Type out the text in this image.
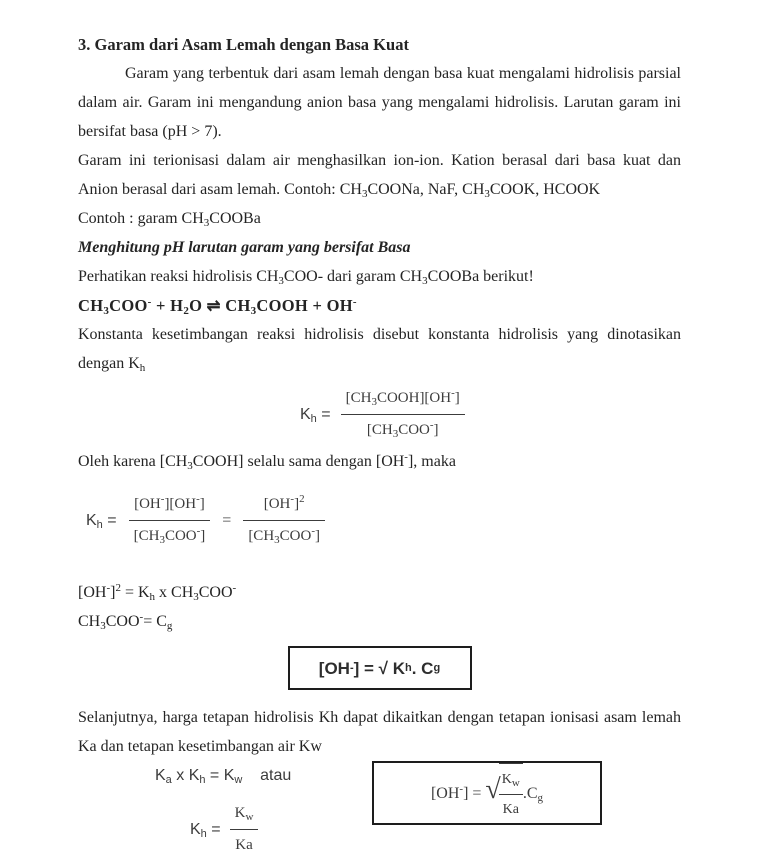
3. Garam dari Asam Lemah dengan Basa Kuat

Garam yang terbentuk dari asam lemah dengan basa kuat mengalami hidrolisis parsial dalam air. Garam ini mengandung anion basa yang mengalami hidrolisis. Larutan garam ini bersifat basa (pH > 7).

Garam ini terionisasi dalam air menghasilkan ion-ion. Kation berasal dari basa kuat dan Anion berasal dari asam lemah. Contoh: $CH_3COONa$, NaF, $CH_3COOK$, HCOOK

Contoh : garam $CH_3COOBa$

Menghitung pH larutan garam yang bersifat Basa

Perhatikan reaksi hidrolisis $CH_3COO-$ dari garam $CH_3COOBa$ berikut!

$CH_3COO^- + H_2O$ ⇌ $CH_3COOH + OH^-$

Konstanta kesetimbangan reaksi hidrolisis disebut konstanta hidrolisis yang dinotasikan dengan $K_h$

$K_h = \frac{[CH_3COOH][OH^-]}{[CH_3COO^-]}$

Oleh karena $[CH_3COOH]$ selalu sama dengan [OH-], maka

$K_h = \frac{[OH^-][OH^-]}{[CH_3COO^-]} = \frac{[OH^-]^2}{[CH_3COO^-]}$

$[OH^-]^2 = K_h$ x $CH_3COO^-$

$CH_3COO^-= C_g$

[OH - ] = √ K h . C g

Selanjutnya, harga tetapan hidrolisis Kh dapat dikaitkan dengan tetapan ionisasi asam lemah Ka dan tetapan kesetimbangan air Kw

$K_a$ x $K_h = K_w$    atau
$K_h = \frac{K_w}{Ka}$
[OH-] = √
$\frac{K_w}{Ka} .C_g$
